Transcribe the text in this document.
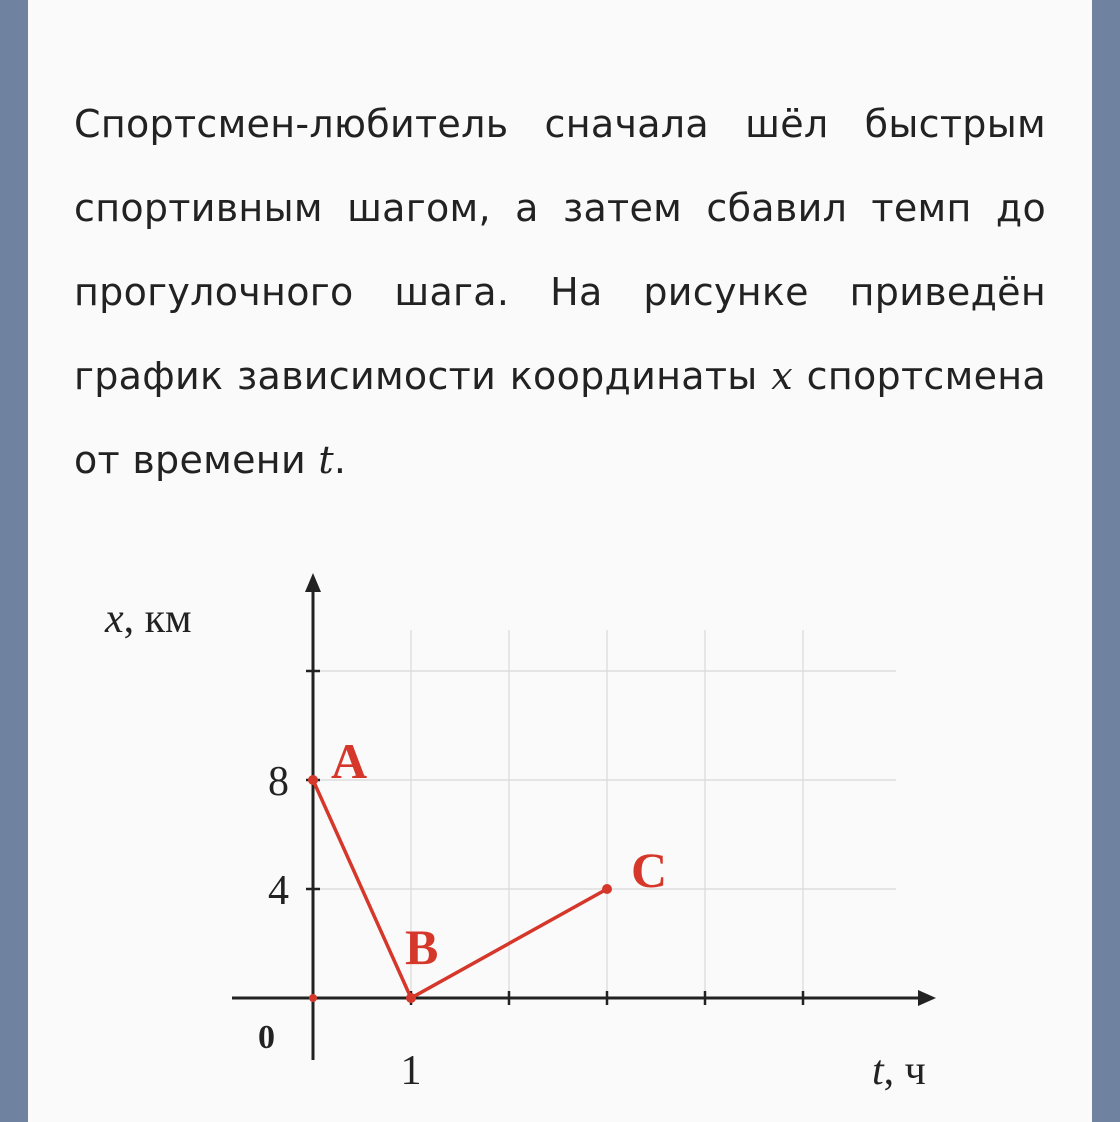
Спортсмен-любитель сначала шёл быстрым спортивным шагом, а затем сбавил темп до прогулочного шага. На рисунке приведён график зависимости координаты x спортсмена от времени t.

1
4
8 A
B
C
x, км
t, ч
0
